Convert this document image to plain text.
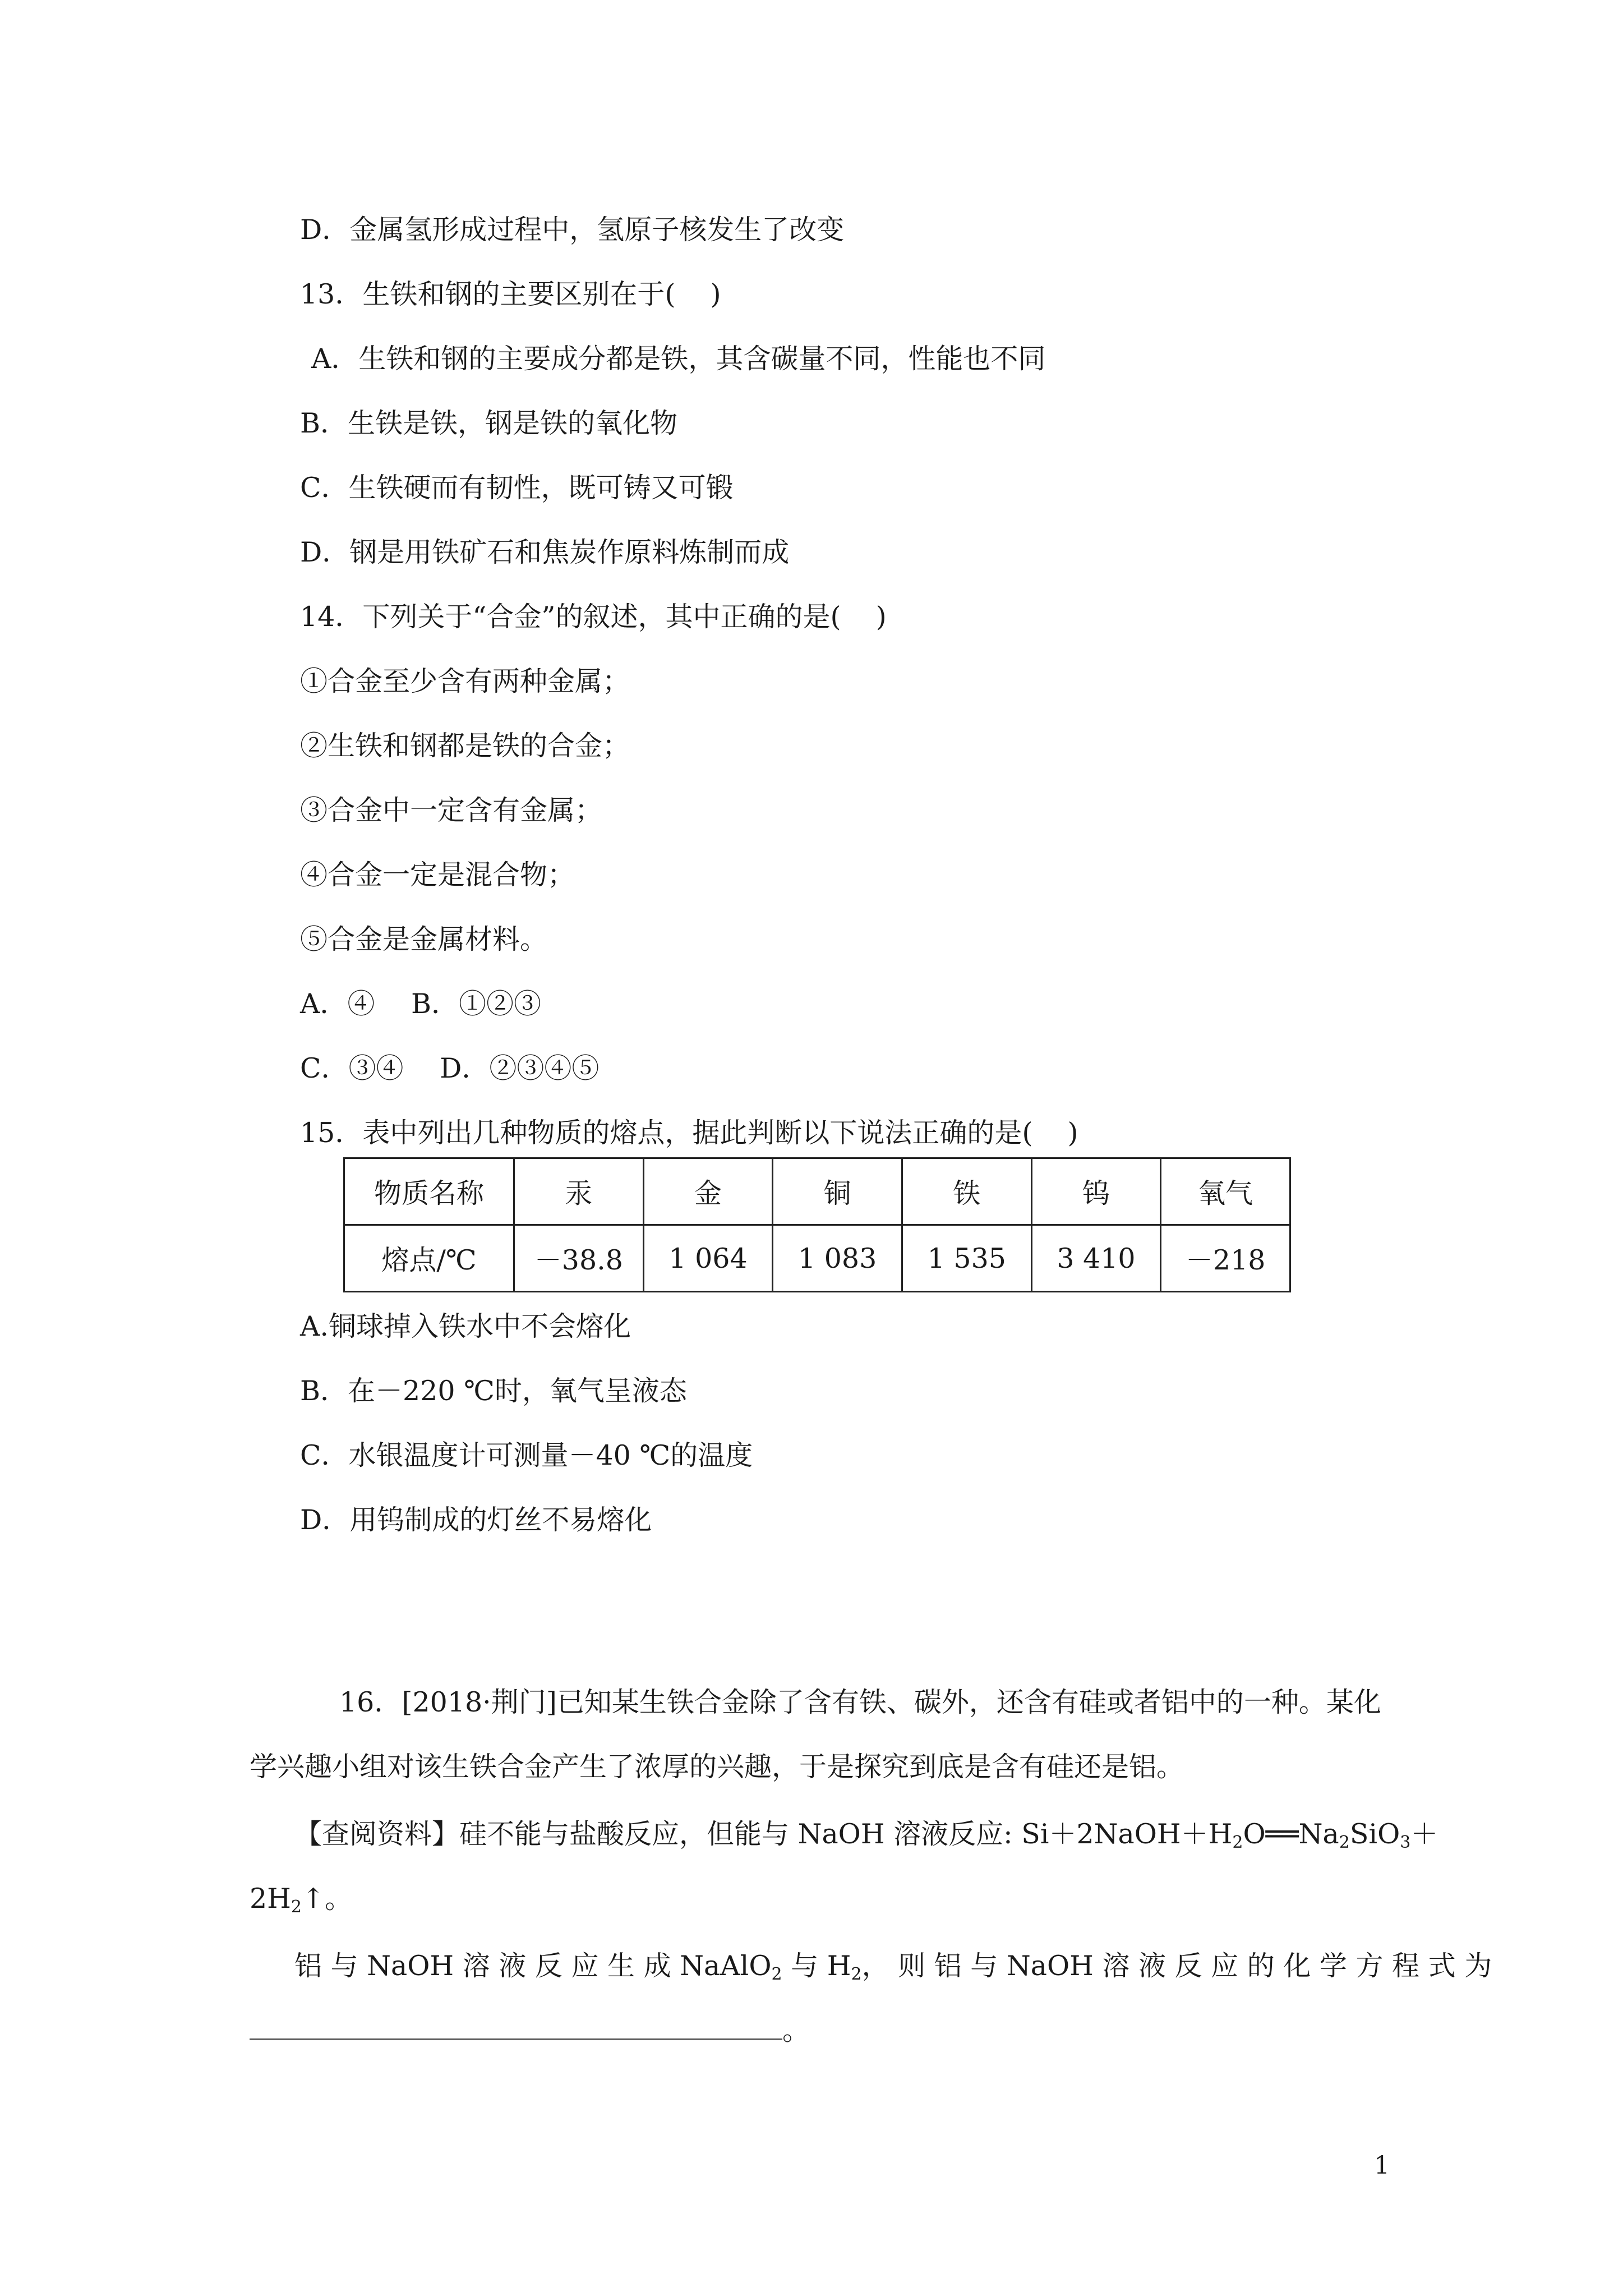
D．金属氢形成过程中，氢原子核发生了改变
13．生铁和钢的主要区别在于( )
A．生铁和钢的主要成分都是铁，其含碳量不同，性能也不同
B．生铁是铁，钢是铁的氧化物
C．生铁硬而有韧性，既可铸又可锻
D．钢是用铁矿石和焦炭作原料炼制而成
14．下列关于“合金”的叙述，其中正确的是( )
①合金至少含有两种金属；
②生铁和钢都是铁的合金；
③合金中一定含有金属；
④合金一定是混合物；
⑤合金是金属材料。
A．④　 B．①②③
C．③④　 D．②③④⑤
15．表中列出几种物质的熔点，据此判断以下说法正确的是( )
物质名称	汞	金	铜	铁	钨	氧气
熔点/℃	－38.8	1 064	1 083	1 535	3 410	－218
A.铜球掉入铁水中不会熔化
B．在－220 ℃时，氧气呈液态
C．水银温度计可测量－40 ℃的温度
D．用钨制成的灯丝不易熔化
16．[2018·荆门]已知某生铁合金除了含有铁、碳外，还含有硅或者铝中的一种。某化
学兴趣小组对该生铁合金产生了浓厚的兴趣，于是探究到底是含有硅还是铝。
【查阅资料】硅不能与盐酸反应，但能与 NaOH 溶液反应: $Si+2NaOH+H_2O══Na_2SiO_3+$
$2H_2↑$。
铝 与 NaOH 溶 液 反 应 生 成 NaAlO$_2$ 与 $H_2$， 则 铝 与 NaOH 溶 液 反 应 的 化 学 方 程 式 为
。
1
